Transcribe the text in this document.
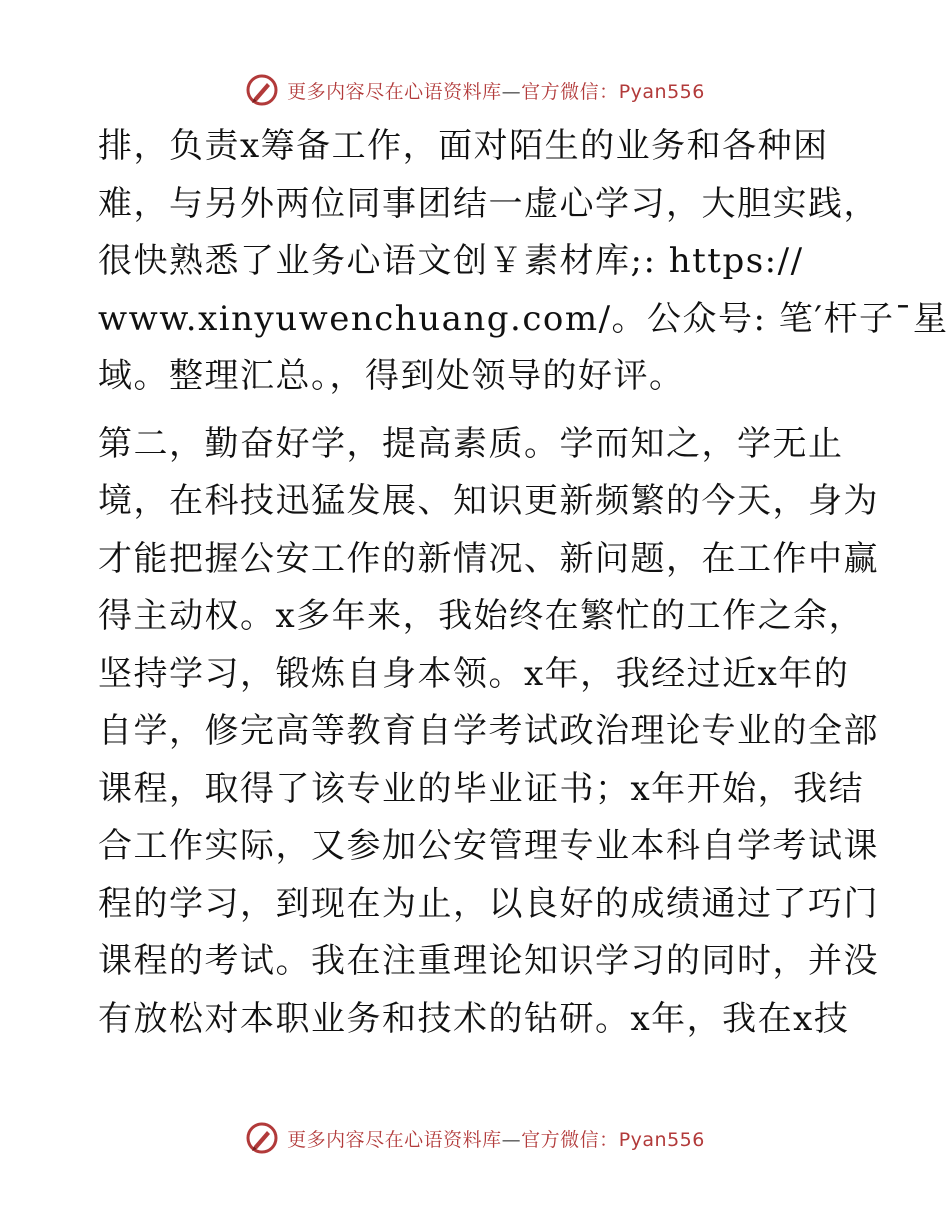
更多内容尽在心语资料库—官方微信：Pyan556
排，负责x筹备工作，面对陌生的业务和各种困
难，与另外两位同事团结一虚心学习，大胆实践，
很快熟悉了业务心语文创￥素材库;: https://
www.xinyuwenchuang.com/。公众号: 笔′杆子¯星
域。整理汇总。，得到处领导的好评。
第二，勤奋好学，提高素质。学而知之，学无止
境，在科技迅猛发展、知识更新频繁的今天，身为
才能把握公安工作的新情况、新问题，在工作中赢
得主动权。x多年来，我始终在繁忙的工作之余，
坚持学习，锻炼自身本领。x年，我经过近x年的
自学，修完高等教育自学考试政治理论专业的全部
课程，取得了该专业的毕业证书；x年开始，我结
合工作实际，又参加公安管理专业本科自学考试课
程的学习，到现在为止，以良好的成绩通过了巧门
课程的考试。我在注重理论知识学习的同时，并没
有放松对本职业务和技术的钻研。x年，我在x技
更多内容尽在心语资料库—官方微信：Pyan556
